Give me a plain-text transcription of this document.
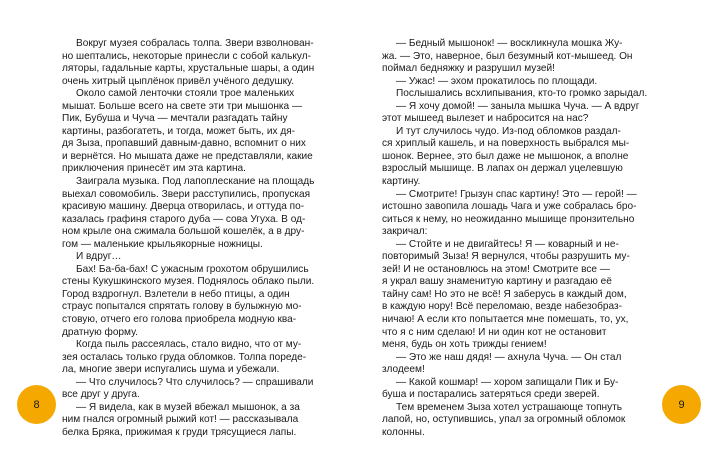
Вокруг музея собралась толпа. Звери взволнован-
но шептались, некоторые принесли с собой калькул-
ляторы, гадальные карты, хрустальные шары, а один
очень хитрый цыплёнок привёл учёного дедушку.

Около самой ленточки стояли трое маленьких
мышат. Больше всего на свете эти три мышонка —
Пик, Бубуша и Чуча — мечтали разгадать тайну
картины, разбогатеть, и тогда, может быть, их дя-
дя Зыза, пропавший давным-давно, вспомнит о них
и вернётся. Но мышата даже не представляли, какие
приключения принесёт им эта картина.

Заиграла музыка. Под лапоплескание на площадь
выехал совомобиль. Звери расступились, пропуская
красивую машину. Дверца отворилась, и оттуда по-
казалась графиня старого дуба — сова Угуха. В од-
ном крыле она сжимала большой кошелёк, а в дру-
гом — маленькие крыльякорные ножницы.

И вдруг…

Бах! Ба-ба-бах! С ужасным грохотом обрушились
стены Кукушкинского музея. Поднялось облако пыли.
Город вздрогнул. Взлетели в небо птицы, а один
страус попытался спрятать голову в булыжную мо-
стовую, отчего его голова приобрела модную ква-
дратную форму.

Когда пыль рассеялась, стало видно, что от му-
зея осталась только груда обломков. Толпа поредe-
ла, многие звери испугались шума и убежали.

— Что случилось? Что случилось? — спрашивали
все друг у друга.

— Я видела, как в музей вбежал мышонок, а за
ним гнался огромный рыжий кот! — рассказывала
белка Бряка, прижимая к груди трясущиеся лапы.

— Бедный мышонок! — воскликнула мошка Жу-
жа. — Это, наверное, был безумный кот-мышеед. Он
поймал бедняжку и разрушил музей!

— Ужас! — эхом прокатилось по площади.

Послышались всхлипывания, кто-то громко зарыдал.

— Я хочу домой! — заныла мышка Чуча. — А вдруг
этот мышеед вылезет и набросится на нас?

И тут случилось чудо. Из-под обломков раздал-
ся хриплый кашель, и на поверхность выбрался мы-
шонок. Вернее, это был даже не мышонок, а вполне
взрослый мышище. В лапах он держал уцелевшую
картину.

— Смотрите! Грызун спас картину! Это — герой! —
истошно завопила лошадь Чага и уже собралась бро-
ситься к нему, но неожиданно мышище пронзительно
закричал:

— Стойте и не двигайтесь! Я — коварный и не-
повторимый Зыза! Я вернулся, чтобы разрушить му-
зей! И не остановлюсь на этом! Смотрите все —
я украл вашу знаменитую картину и разгадаю её
тайну сам! Но это не всё! Я заберусь в каждый дом,
в каждую нору! Всё переломаю, везде набезобраз-
ничаю! А если кто попытается мне помешать, то, ух,
что я с ним сделаю! И ни один кот не остановит
меня, будь он хоть трижды гением!

— Это же наш дядя! — ахнула Чуча. — Он стал
злодеем!

— Какой кошмар! — хором запищали Пик и Бу-
буша и постарались затеряться среди зверей.

Тем временем Зыза хотел устрашающе топнуть
лапой, но, оступившись, упал за огромный обломок
колонны.

8	9
